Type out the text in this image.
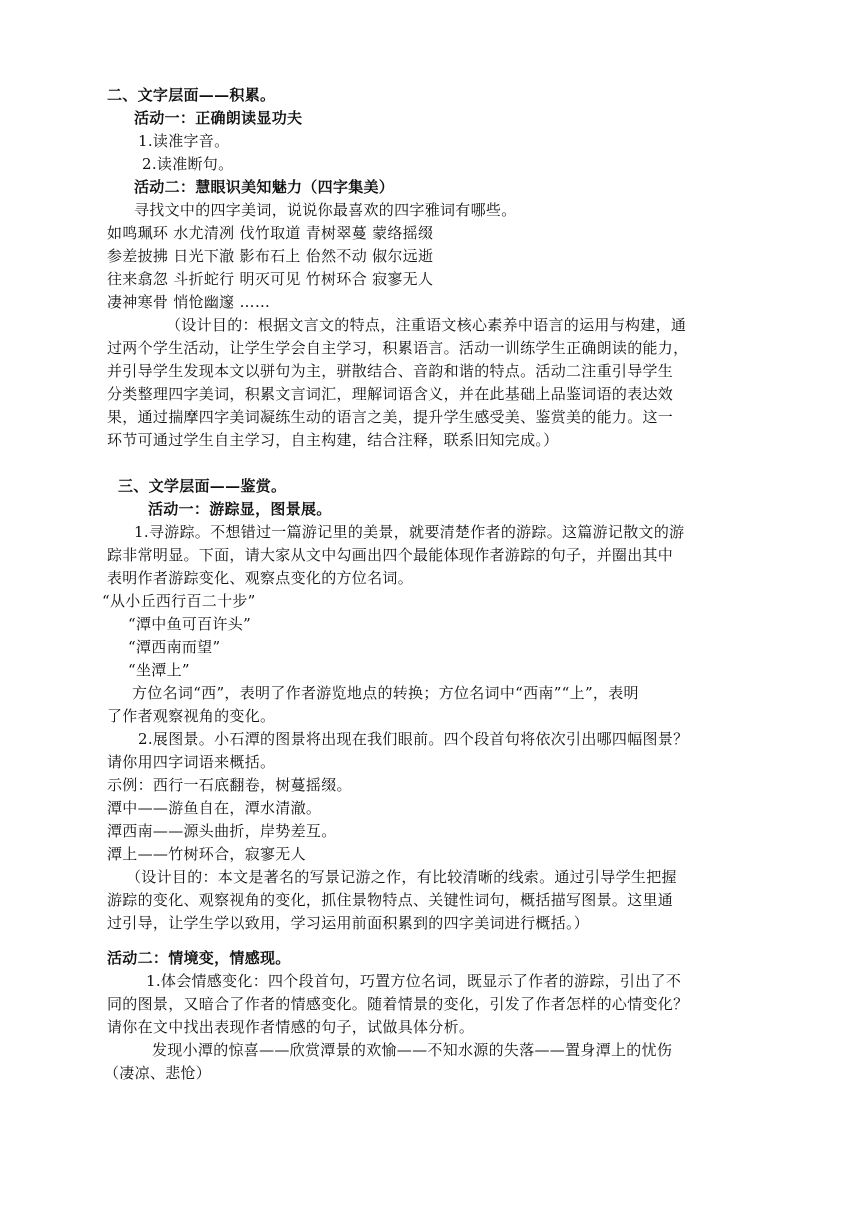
二、文字层面——积累。
活动一：正确朗读显功夫
1.读准字音。
2.读准断句。
活动二：慧眼识美知魅力（四字集美）
寻找文中的四字美词，说说你最喜欢的四字雅词有哪些。
如鸣珮环 水尤清冽 伐竹取道 青树翠蔓 蒙络摇缀
参差披拂 日光下澈 影布石上 佁然不动 俶尔远逝
往来翕忽 斗折蛇行 明灭可见 竹树环合 寂寥无人
凄神寒骨 悄怆幽邃 ……
（设计目的：根据文言文的特点，注重语文核心素养中语言的运用与构建，通
过两个学生活动，让学生学会自主学习，积累语言。活动一训练学生正确朗读的能力，
并引导学生发现本文以骈句为主，骈散结合、音韵和谐的特点。活动二注重引导学生
分类整理四字美词，积累文言词汇，理解词语含义，并在此基础上品鉴词语的表达效
果，通过揣摩四字美词凝练生动的语言之美，提升学生感受美、鉴赏美的能力。这一
环节可通过学生自主学习，自主构建，结合注释，联系旧知完成。）
三、文学层面——鉴赏。
活动一：游踪显，图景展。
1.寻游踪。不想错过一篇游记里的美景，就要清楚作者的游踪。这篇游记散文的游
踪非常明显。下面，请大家从文中勾画出四个最能体现作者游踪的句子，并圈出其中
表明作者游踪变化、观察点变化的方位名词。
“从小丘西行百二十步”
“潭中鱼可百许头”
“潭西南而望”
“坐潭上”
方位名词“西”，表明了作者游览地点的转换；方位名词中“西南”“上”，表明
了作者观察视角的变化。
2.展图景。小石潭的图景将出现在我们眼前。四个段首句将依次引出哪四幅图景？
请你用四字词语来概括。
示例：西行一石底翻卷，树蔓摇缀。
潭中——游鱼自在，潭水清澈。
潭西南——源头曲折，岸势差互。
潭上——竹树环合，寂寥无人
（设计目的：本文是著名的写景记游之作，有比较清晰的线索。通过引导学生把握
游踪的变化、观察视角的变化，抓住景物特点、关键性词句，概括描写图景。这里通
过引导，让学生学以致用，学习运用前面积累到的四字美词进行概括。）
活动二：情境变，情感现。
1.体会情感变化：四个段首句，巧置方位名词，既显示了作者的游踪，引出了不
同的图景，又暗合了作者的情感变化。随着情景的变化，引发了作者怎样的心情变化？
请你在文中找出表现作者情感的句子，试做具体分析。
发现小潭的惊喜——欣赏潭景的欢愉——不知水源的失落——置身潭上的忧伤
（凄凉、悲怆）
